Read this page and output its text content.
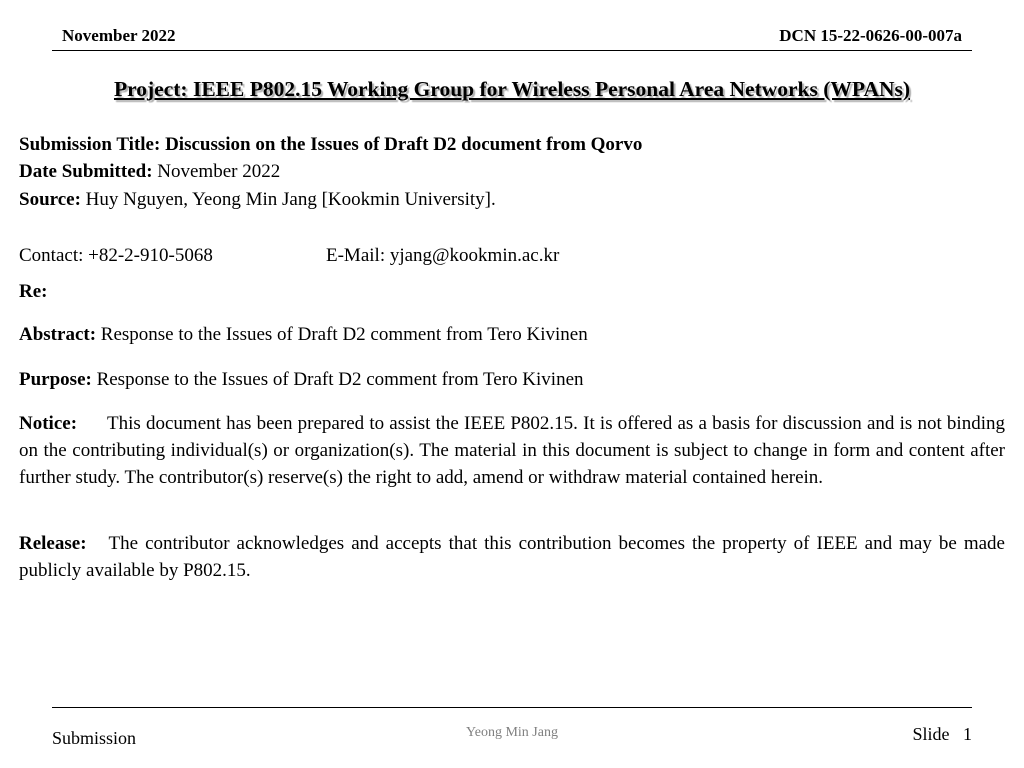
November 2022	DCN 15-22-0626-00-007a
Project: IEEE P802.15 Working Group for Wireless Personal Area Networks (WPANs)
Submission Title: Discussion on the Issues of Draft D2 document from Qorvo
Date Submitted: November 2022
Source: Huy Nguyen, Yeong Min Jang [Kookmin University].
Contact: +82-2-910-5068	E-Mail: yjang@kookmin.ac.kr
Re:
Abstract: Response to the Issues of Draft D2 comment from Tero Kivinen
Purpose: Response to the Issues of Draft D2 comment from Tero Kivinen
Notice: This document has been prepared to assist the IEEE P802.15. It is offered as a basis for discussion and is not binding on the contributing individual(s) or organization(s). The material in this document is subject to change in form and content after further study. The contributor(s) reserve(s) the right to add, amend or withdraw material contained herein.
Release: The contributor acknowledges and accepts that this contribution becomes the property of IEEE and may be made publicly available by P802.15.
Submission	Yeong Min Jang	Slide 1
